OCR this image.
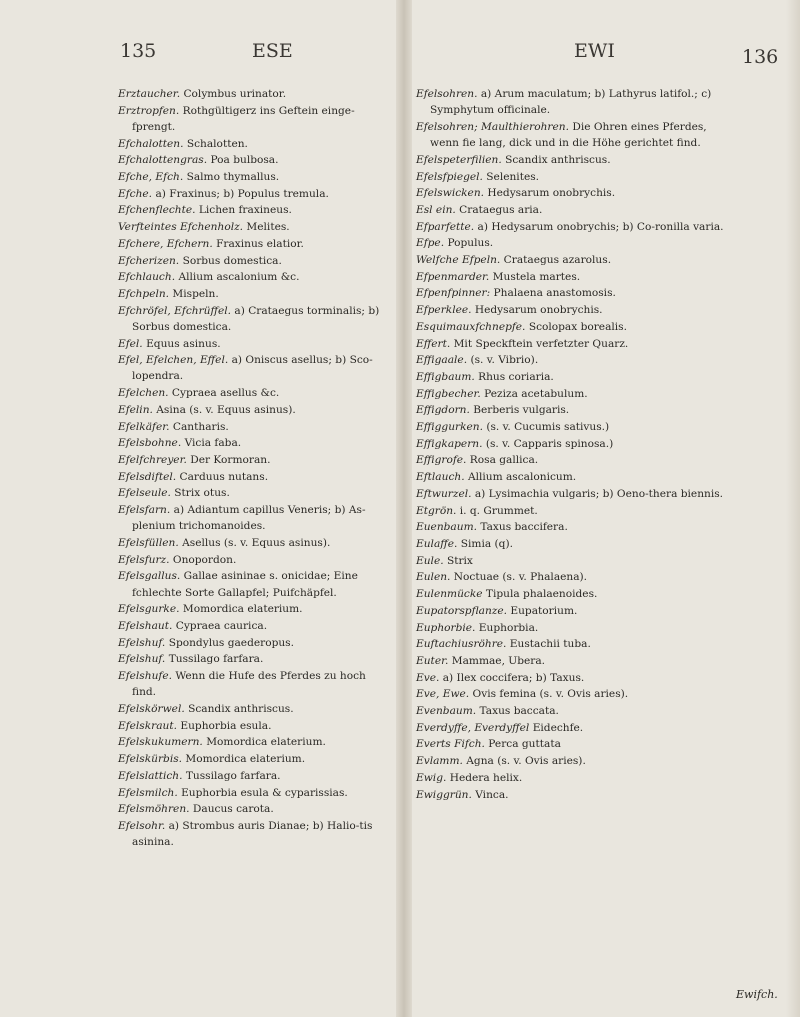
135	ESE	EWI	136
Erztaucher. Colymbus urinator.
Erztropfen. Rothgültigerz ins Geftein einge-fprengt.
Efchalotten. Schalotten.
Efchalottengras. Poa bulbosa.
Efche, Efch. Salmo thymallus.
Efche. a) Fraxinus; b) Populus tremula.
Efchenflechte. Lichen fraxineus.
Verfteintes Efchenholz. Melites.
Efchere, Efchern. Fraxinus elatior.
Efcherizen. Sorbus domestica.
Efchlauch. Allium ascalonium &c.
Efchpeln. Mispeln.
Efchröfel, Efchrüffel. a) Crataegus torminalis; b) Sorbus domestica.
Efel. Equus asinus.
Efel, Efelchen, Effel. a) Oniscus asellus; b) Sco-lopendra.
Efelchen. Cypraea asellus &c.
Efelin. Asina (s. v. Equus asinus).
Efelkäfer. Cantharis.
Efelsbohne. Vicia faba.
Efelfchreyer. Der Kormoran.
Efelsdiftel. Carduus nutans.
Efelseule. Strix otus.
Efelsfarn. a) Adiantum capillus Veneris; b) As-plenium trichomanoides.
Efelsfüllen. Asellus (s. v. Equus asinus).
Efelsfurz. Onopordon.
Efelsgallus. Gallae asininae s. onicidae; Eine fchlechte Sorte Gallapfel; Puifchäpfel.
Efelsgurke. Momordica elaterium.
Efelshaut. Cypraea caurica.
Efelshuf. Spondylus gaederopus.
Efelshuf. Tussilago farfara.
Efelshufe. Wenn die Hufe des Pferdes zu hoch find.
Efelskörwel. Scandix anthriscus.
Efelskraut. Euphorbia esula.
Efelskukumern. Momordica elaterium.
Efelskürbis. Momordica elaterium.
Efelslattich. Tussilago farfara.
Efelsmilch. Euphorbia esula & cyparissias.
Efelsmöhren. Daucus carota.
Efelsohr. a) Strombus auris Dianae; b) Halio-tis asinina.
Efelsohren. a) Arum maculatum; b) Lathyrus latifol.; c) Symphytum officinale.
Efelsohren; Maulthierohren. Die Ohren eines Pferdes, wenn fie lang, dick und in die Höhe gerichtet find.
Efelspeterfilien. Scandix anthriscus.
Efelsfpiegel. Selenites.
Efelswicken. Hedysarum onobrychis.
Esl ein. Crataegus aria.
Efparfette. a) Hedysarum onobrychis; b) Co-ronilla varia.
Efpe. Populus.
Welfche Efpeln. Crataegus azarolus.
Efpenmarder. Mustela martes.
Efpenfpinner: Phalaena anastomosis.
Efperklee. Hedysarum onobrychis.
Esquimauxfchnepfe. Scolopax borealis.
Effert. Mit Speckftein verfetzter Quarz.
Effigaale. (s. v. Vibrio).
Effigbaum. Rhus coriaria.
Effigbecher. Peziza acetabulum.
Effigdorn. Berberis vulgaris.
Effiggurken. (s. v. Cucumis sativus.)
Effigkapern. (s. v. Capparis spinosa.)
Effigrofe. Rosa gallica.
Eftlauch. Allium ascalonicum.
Eftwurzel. a) Lysimachia vulgaris; b) Oeno-thera biennis.
Etgrön. i. q. Grummet.
Euenbaum. Taxus baccifera.
Eulaffe. Simia (q).
Eule. Strix
Eulen. Noctuae (s. v. Phalaena).
Eulenmücke Tipula phalaenoides.
Eupatorspflanze. Eupatorium.
Euphorbie. Euphorbia.
Euftachiusröhre. Eustachii tuba.
Euter. Mammae, Ubera.
Eve. a) Ilex coccifera; b) Taxus.
Eve, Ewe. Ovis femina (s. v. Ovis aries).
Evenbaum. Taxus baccata.
Everdyffe, Everdyffel Eidechfe.
Everts Fifch. Perca guttata
Evlamm. Agna (s. v. Ovis aries).
Ewig. Hedera helix.
Ewiggrün. Vinca.
Ewifch.
